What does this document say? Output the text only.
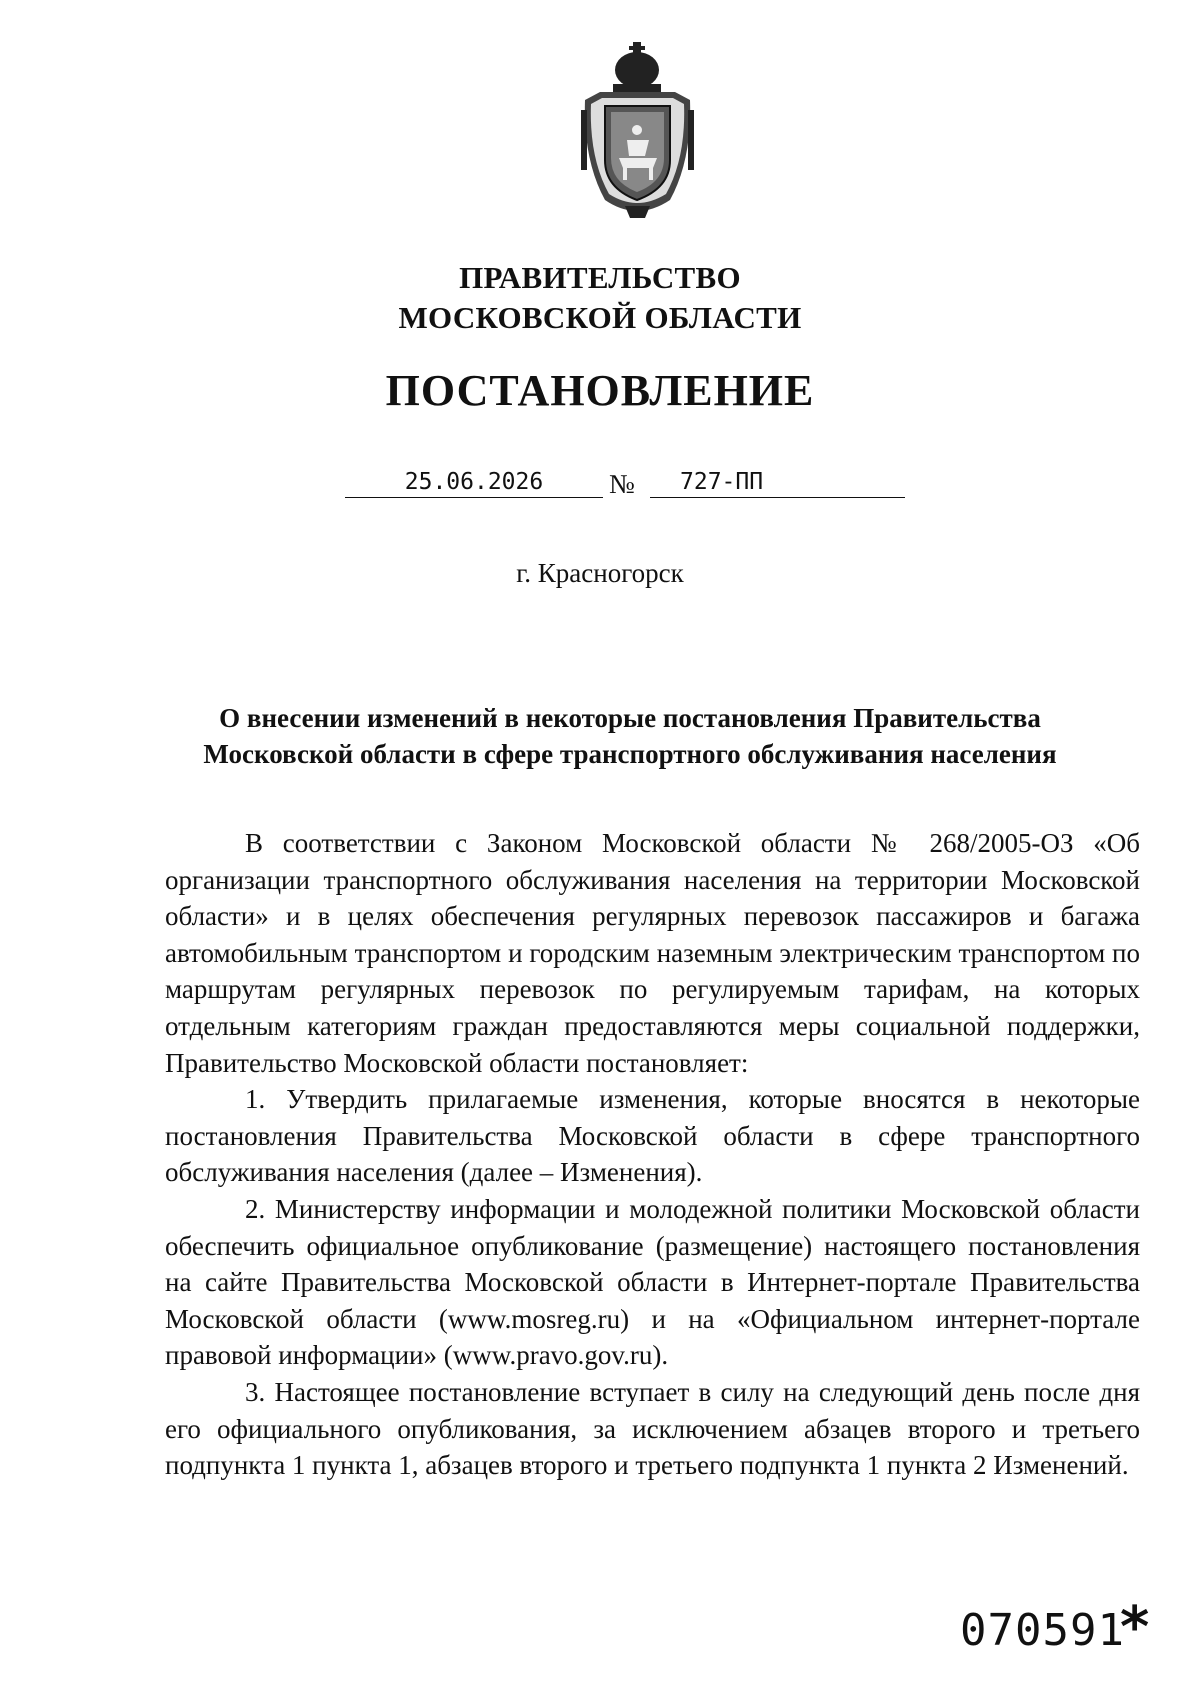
ПРАВИТЕЛЬСТВО
МОСКОВСКОЙ ОБЛАСТИ
ПОСТАНОВЛЕНИЕ
25.06.2026	№	727-ПП
г. Красногорск
О внесении изменений в некоторые постановления Правительства Московской области в сфере транспортного обслуживания населения

В соответствии с Законом Московской области № 268/2005-ОЗ «Об организации транспортного обслуживания населения на территории Московской области» и в целях обеспечения регулярных перевозок пассажиров и багажа автомобильным транспортом и городским наземным электрическим транспортом по маршрутам регулярных перевозок по регулируемым тарифам, на которых отдельным категориям граждан предоставляются меры социальной поддержки, Правительство Московской области постановляет:

1. Утвердить прилагаемые изменения, которые вносятся в некоторые постановления Правительства Московской области в сфере транспортного обслуживания населения (далее – Изменения).

2. Министерству информации и молодежной политики Московской области обеспечить официальное опубликование (размещение) настоящего постановления на сайте Правительства Московской области в Интернет-портале Правительства Московской области (www.mosreg.ru) и на «Официальном интернет-портале правовой информации» (www.pravo.gov.ru).

3. Настоящее постановление вступает в силу на следующий день после дня его официального опубликования, за исключением абзацев второго и третьего подпункта 1 пункта 1, абзацев второго и третьего подпункта 1 пункта 2 Изменений.

070591
*
